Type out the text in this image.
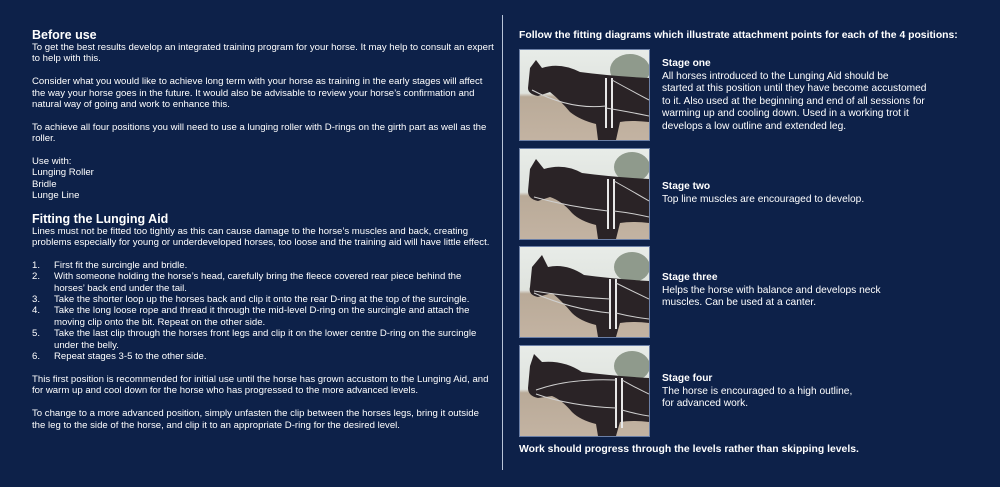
Before use

To get the best results develop an integrated training program for your horse. It may help to consult an expert to help with this.

Consider what you would like to achieve long term with your horse as training in the early stages will affect the way your horse goes in the future. It would also be advisable to review your horse’s confirmation and natural way of going and work to enhance this.

To achieve all four positions you will need to use a lunging roller with D-rings on the girth part as well as the roller.

Use with:
Lunging Roller
Bridle
Lunge Line
Fitting the Lunging Aid

Lines must not be fitted too tightly as this can cause damage to the horse’s muscles and back, creating problems especially for young or underdeveloped horses, too loose and the training aid will have little effect.

1. First fit the surcingle and bridle.
2. With someone holding the horse’s head, carefully bring the fleece covered rear piece behind the horses’ back end under the tail.
3. Take the shorter loop up the horses back and clip it onto the rear D-ring at the top of the surcingle.
4. Take the long loose rope and thread it through the mid-level D-ring on the surcingle and attach the moving clip onto the bit. Repeat on the other side.
5. Take the last clip through the horses front legs and clip it on the lower centre D-ring on the surcingle under the belly.
6. Repeat stages 3-5 to the other side.

This first position is recommended for initial use until the horse has grown accustom to the Lunging Aid, and for warm up and cool down for the horse who has progressed to the more advanced levels.

To change to a more advanced position, simply unfasten the clip between the horses legs, bring it outside the leg to the side of the horse, and clip it to an appropriate D-ring for the desired level.

Follow the fitting diagrams which illustrate attachment points for each of the 4 positions:

Stage one
All horses introduced to the Lunging Aid should be
started at this position until they have become accustomed
to it. Also used at the beginning and end of all sessions for
warming up and cooling down. Used in a working trot it
develops a low outline and extended leg.
Stage two
Top line muscles are encouraged to develop.
Stage three
Helps the horse with balance and develops neck
muscles. Can be used at a canter.
Stage four
The horse is encouraged to a high outline,
for advanced work.
Work should progress through the levels rather than skipping levels.
